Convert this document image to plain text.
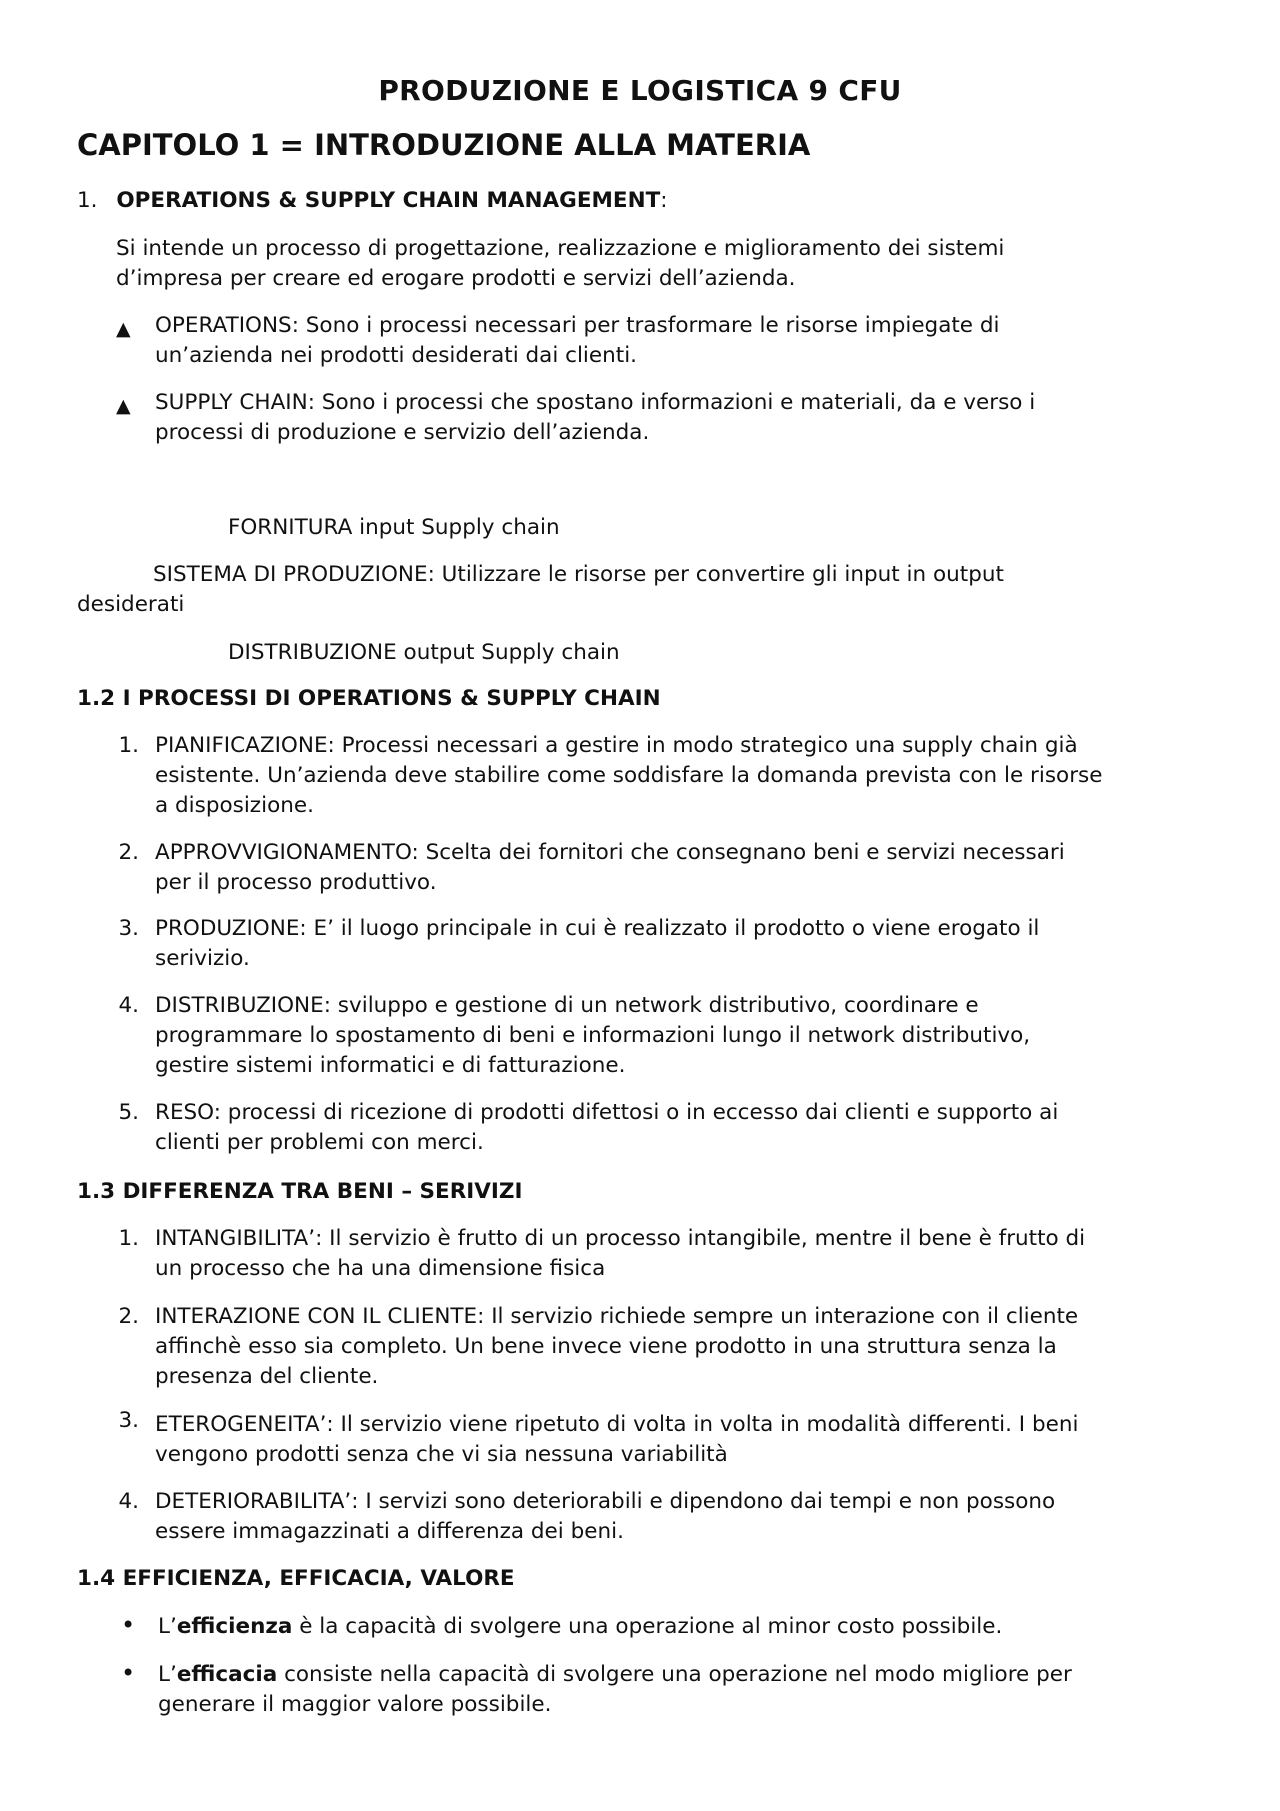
PRODUZIONE E LOGISTICA 9 CFU
CAPITOLO 1 = INTRODUZIONE ALLA MATERIA
1. OPERATIONS & SUPPLY CHAIN MANAGEMENT:
Si intende un processo di progettazione, realizzazione e miglioramento dei sistemi
d’impresa per creare ed erogare prodotti e servizi dell’azienda.
▲ OPERATIONS: Sono i processi necessari per trasformare le risorse impiegate di
un’azienda nei prodotti desiderati dai clienti.
▲ SUPPLY CHAIN: Sono i processi che spostano informazioni e materiali, da e verso i
processi di produzione e servizio dell’azienda.
FORNITURA input Supply chain
SISTEMA DI PRODUZIONE: Utilizzare le risorse per convertire gli input in output
desiderati
DISTRIBUZIONE output Supply chain
1.2 I PROCESSI DI OPERATIONS & SUPPLY CHAIN
1. PIANIFICAZIONE: Processi necessari a gestire in modo strategico una supply chain già
esistente. Un’azienda deve stabilire come soddisfare la domanda prevista con le risorse
a disposizione.
2. APPROVVIGIONAMENTO: Scelta dei fornitori che consegnano beni e servizi necessari
per il processo produttivo.
3. PRODUZIONE: E’ il luogo principale in cui è realizzato il prodotto o viene erogato il
serivizio.
4. DISTRIBUZIONE: sviluppo e gestione di un network distributivo, coordinare e
programmare lo spostamento di beni e informazioni lungo il network distributivo,
gestire sistemi informatici e di fatturazione.
5. RESO: processi di ricezione di prodotti difettosi o in eccesso dai clienti e supporto ai
clienti per problemi con merci.
1.3 DIFFERENZA TRA BENI – SERIVIZI
1. INTANGIBILITA’: Il servizio è frutto di un processo intangibile, mentre il bene è frutto di
un processo che ha una dimensione fisica
2. INTERAZIONE CON IL CLIENTE: Il servizio richiede sempre un interazione con il cliente
affinchè esso sia completo. Un bene invece viene prodotto in una struttura senza la
presenza del cliente.
3. ETEROGENEITA’: Il servizio viene ripetuto di volta in volta in modalità differenti. I beni
vengono prodotti senza che vi sia nessuna variabilità
4. DETERIORABILITA’: I servizi sono deteriorabili e dipendono dai tempi e non possono
essere immagazzinati a differenza dei beni.
1.4 EFFICIENZA, EFFICACIA, VALORE
• L’efficienza è la capacità di svolgere una operazione al minor costo possibile.
• L’efficacia consiste nella capacità di svolgere una operazione nel modo migliore per
generare il maggior valore possibile.
